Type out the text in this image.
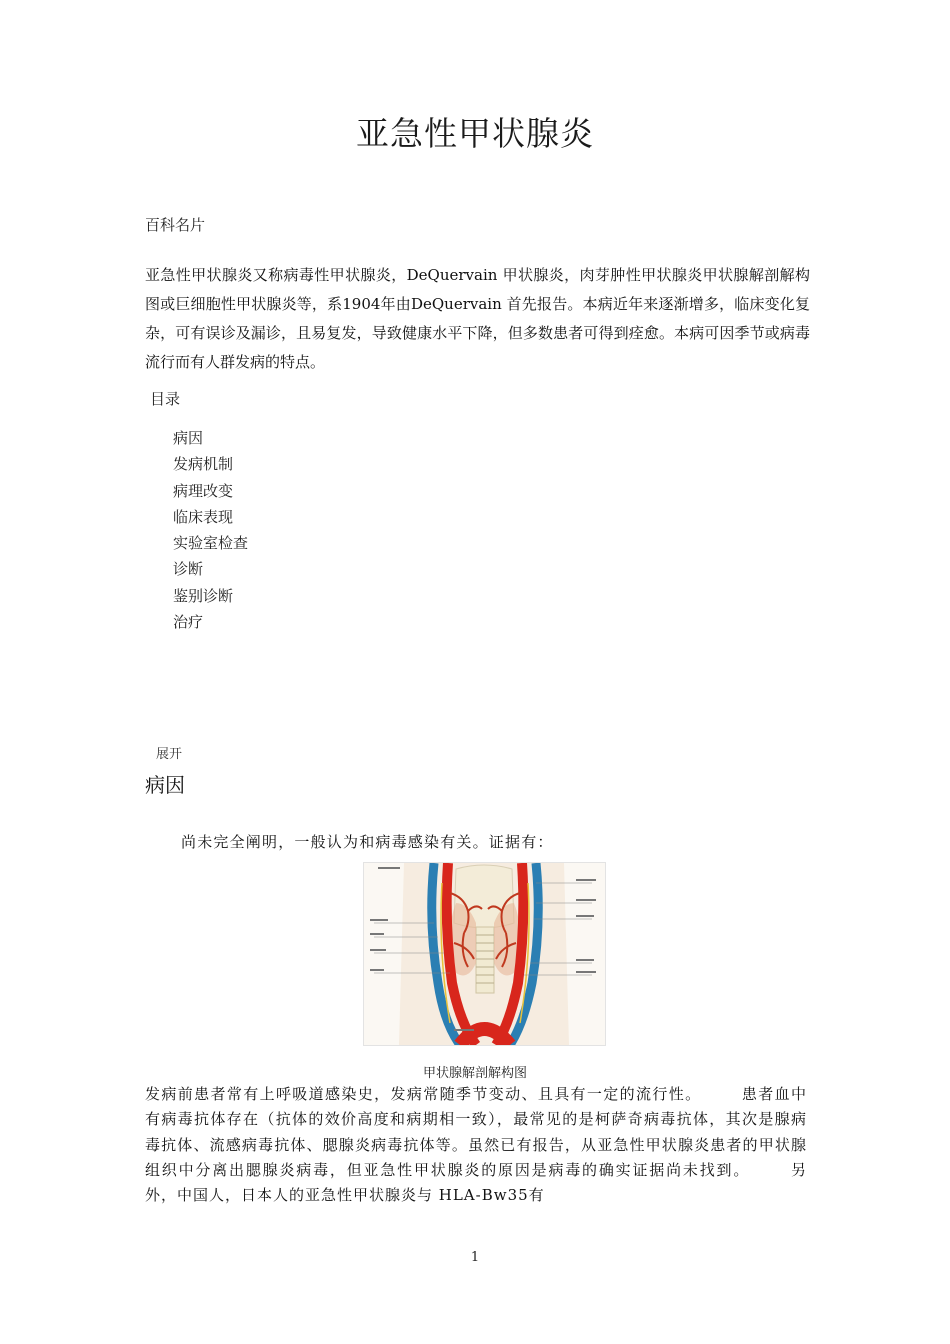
亚急性甲状腺炎
百科名片
亚急性甲状腺炎又称病毒性甲状腺炎，DeQuervain 甲状腺炎，肉芽肿性甲状腺炎甲状腺解剖解构图或巨细胞性甲状腺炎等，系1904年由DeQuervain 首先报告。本病近年来逐渐增多，临床变化复杂，可有误诊及漏诊，且易复发，导致健康水平下降，但多数患者可得到痊愈。本病可因季节或病毒流行而有人群发病的特点。
目录
病因
发病机制
病理改变
临床表现
实验室检查
诊断
鉴别诊断
治疗
展开
病因
尚未完全阐明，一般认为和病毒感染有关。证据有：
甲状腺解剖解构图
发病前患者常有上呼吸道感染史，发病常随季节变动、且具有一定的流行性。	患者血中有病毒抗体存在（抗体的效价高度和病期相一致），最常见的是柯萨奇病毒抗体，其次是腺病毒抗体、流感病毒抗体、腮腺炎病毒抗体等。虽然已有报告，从亚急性甲状腺炎患者的甲状腺组织中分离出腮腺炎病毒，但亚急性甲状腺炎的原因是病毒的确实证据尚未找到。	另外，中国人，日本人的亚急性甲状腺炎与 HLA-Bw35有
1
